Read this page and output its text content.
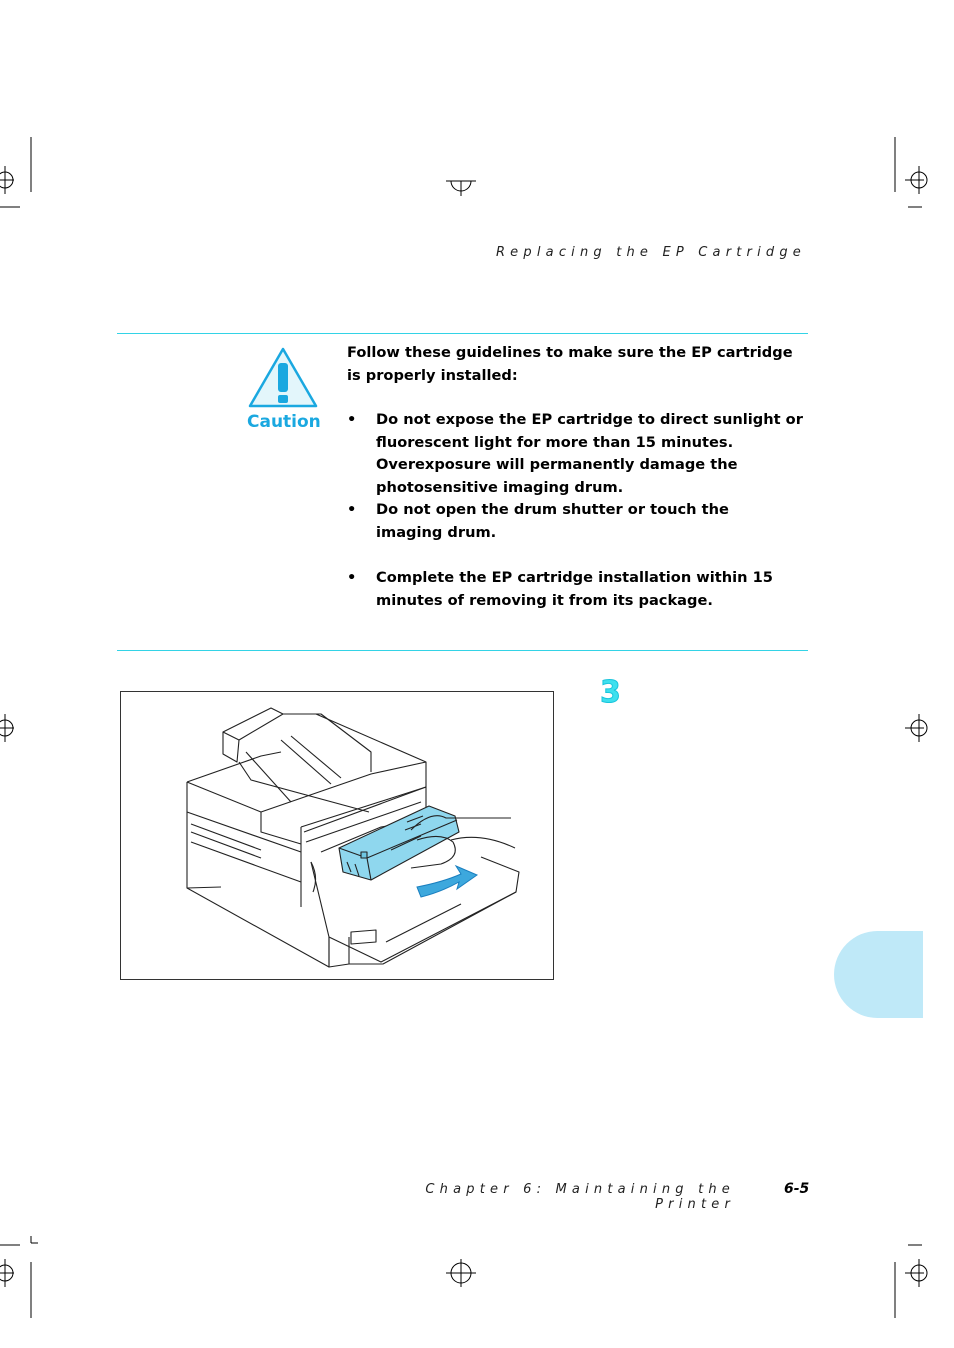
Replacing the EP Cartridge
Caution

Follow these guidelines to make sure the EP cartridge is properly installed:

• Do not expose the EP cartridge to direct sunlight or fluorescent light for more than 15 minutes. Overexposure will permanently damage the photosensitive imaging drum.

• Do not open the drum shutter or touch the imaging drum.

• Complete the EP cartridge installation within 15 minutes of removing it from its package.

3
Chapter 6: Maintaining the Printer
6-5
